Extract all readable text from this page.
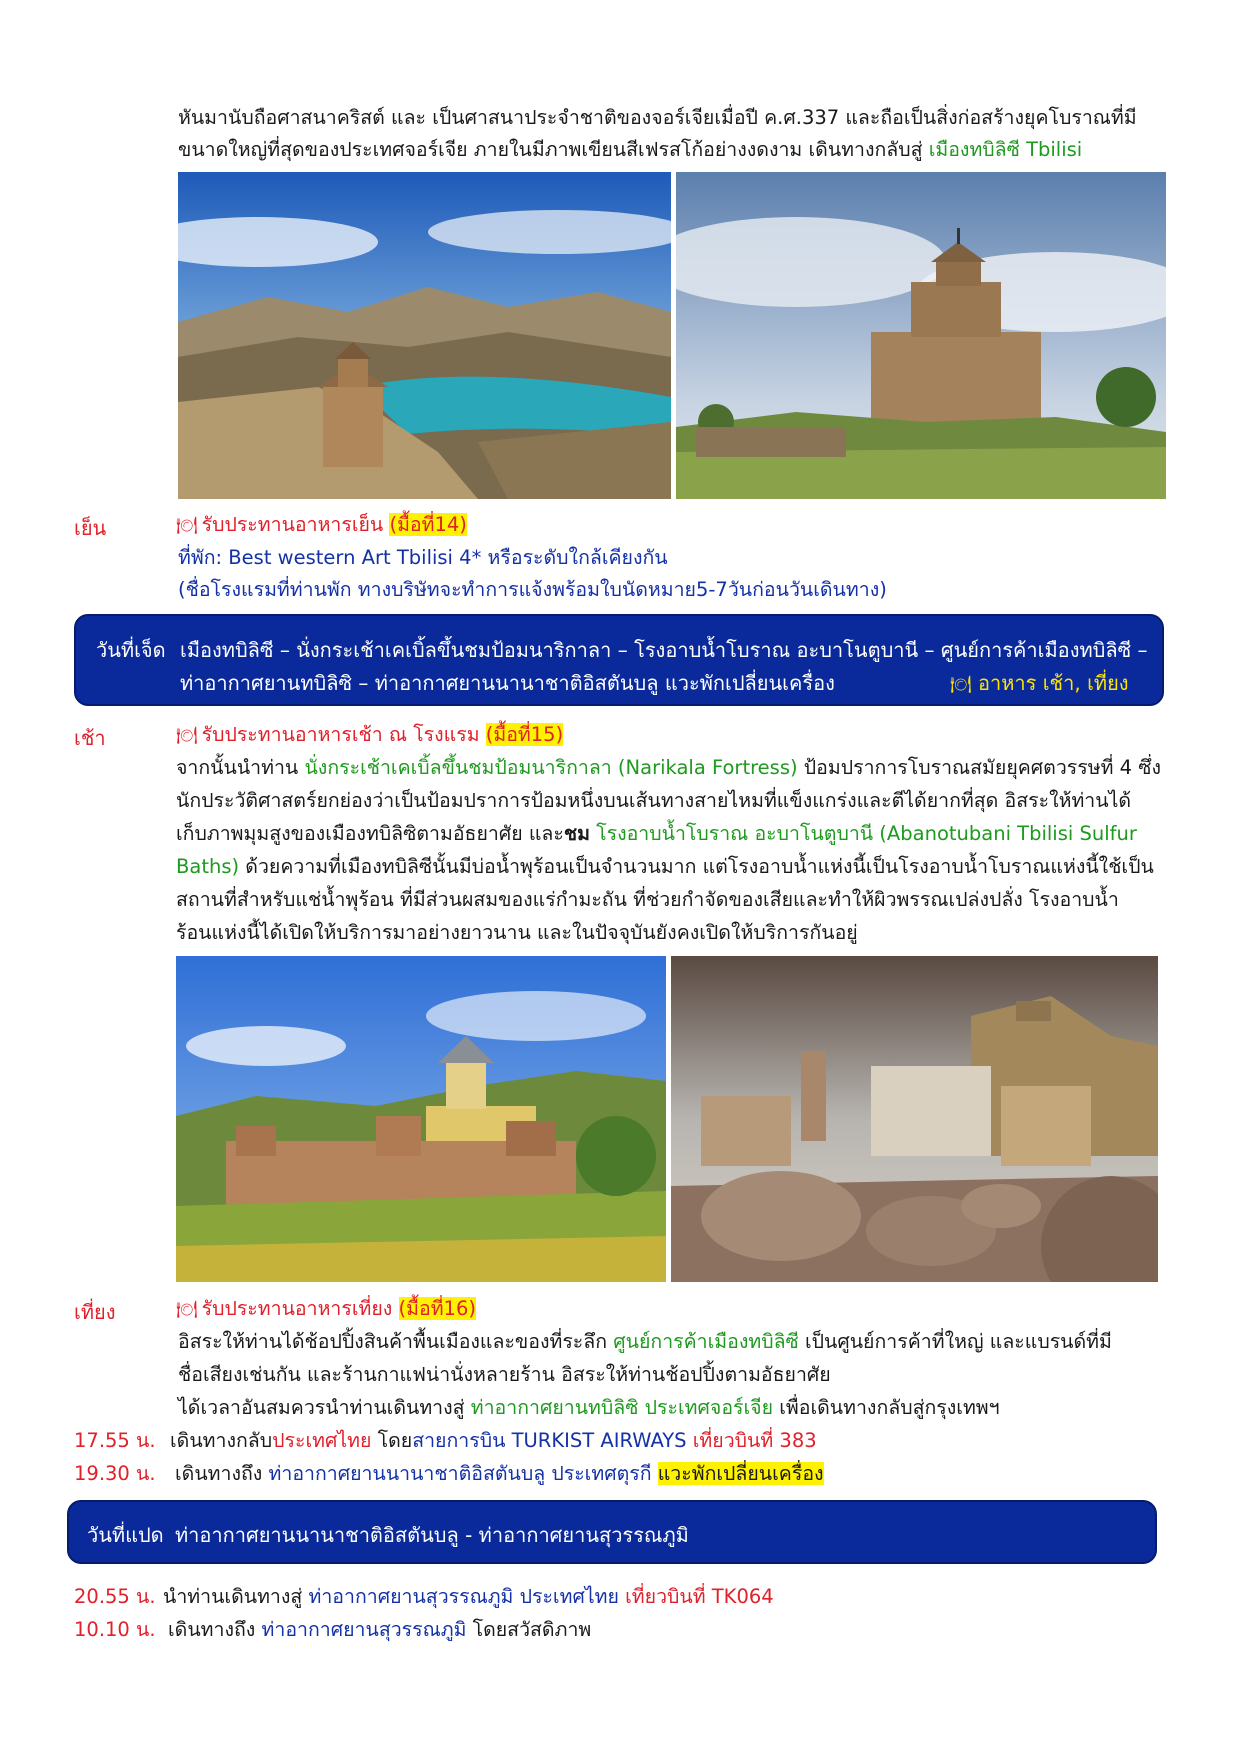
หันมานับถือศาสนาคริสต์ และ เป็นศาสนาประจำชาติของจอร์เจียเมื่อปี ค.ศ.337 และถือเป็นสิ่งก่อสร้างยุคโบราณที่มี
ขนาดใหญ่ที่สุดของประเทศจอร์เจีย ภายในมีภาพเขียนสีเฟรสโก้อย่างงดงาม เดินทางกลับสู่ เมืองทบิลิซี Tbilisi
เย็น	🍽 รับประทานอาหารเย็น (มื้อที่14)
ที่พัก: Best western Art Tbilisi 4* หรือระดับใกล้เคียงกัน
(ชื่อโรงแรมที่ท่านพัก ทางบริษัทจะทำการแจ้งพร้อมใบนัดหมาย5-7วันก่อนวันเดินทาง)
วันที่เจ็ด เมืองทบิลิซี – นั่งกระเช้าเคเบิ้ลขึ้นชมป้อมนาริกาลา – โรงอาบน้ำโบราณ อะบาโนตูบานี – ศูนย์การค้าเมืองทบิลิซี –
ท่าอากาศยานทบิลิซิ – ท่าอากาศยานนานาชาติอิสตันบลู แวะพักเปลี่ยนเครื่อง	🍽 อาหาร เช้า, เที่ยง
เช้า	🍽 รับประทานอาหารเช้า ณ โรงแรม (มื้อที่15)
จากนั้นนำท่าน นั่งกระเช้าเคเบิ้ลขึ้นชมป้อมนาริกาลา (Narikala Fortress) ป้อมปราการโบราณสมัยยุคศตวรรษที่ 4 ซึ่ง
นักประวัติศาสตร์ยกย่องว่าเป็นป้อมปราการป้อมหนึ่งบนเส้นทางสายไหมที่แข็งแกร่งและตีได้ยากที่สุด อิสระให้ท่านได้
เก็บภาพมุมสูงของเมืองทบิลิซิตามอัธยาศัย และชม โรงอาบน้ำโบราณ อะบาโนตูบานี (Abanotubani Tbilisi Sulfur
Baths) ด้วยความที่เมืองทบิลิซีนั้นมีบ่อน้ำพุร้อนเป็นจำนวนมาก แต่โรงอาบน้ำแห่งนี้เป็นโรงอาบน้ำโบราณแห่งนี้ใช้เป็น
สถานที่สำหรับแช่น้ำพุร้อน ที่มีส่วนผสมของแร่กำมะถัน ที่ช่วยกำจัดของเสียและทำให้ผิวพรรณเปล่งปลั่ง โรงอาบน้ำ
ร้อนแห่งนี้ได้เปิดให้บริการมาอย่างยาวนาน และในปัจจุบันยังคงเปิดให้บริการกันอยู่
เที่ยง	🍽 รับประทานอาหารเที่ยง (มื้อที่16)
อิสระให้ท่านได้ช้อปปิ้งสินค้าพื้นเมืองและของที่ระลึก ศูนย์การค้าเมืองทบิลิซี เป็นศูนย์การค้าที่ใหญ่ และแบรนด์ที่มี
ชื่อเสียงเช่นกัน และร้านกาแฟน่านั่งหลายร้าน อิสระให้ท่านช้อปปิ้งตามอัธยาศัย
ได้เวลาอันสมควรนำท่านเดินทางสู่ ท่าอากาศยานทบิลิซิ ประเทศจอร์เจีย เพื่อเดินทางกลับสู่กรุงเทพฯ
17.55 น. เดินทางกลับประเทศไทย โดยสายการบิน TURKIST AIRWAYS เที่ยวบินที่ 383
19.30 น. เดินทางถึง ท่าอากาศยานนานาชาติอิสตันบลู ประเทศตุรกี แวะพักเปลี่ยนเครื่อง
วันที่แปด ท่าอากาศยานนานาชาติอิสตันบลู - ท่าอากาศยานสุวรรณภูมิ
20.55 น. นำท่านเดินทางสู่ ท่าอากาศยานสุวรรณภูมิ ประเทศไทย เที่ยวบินที่ TK064
10.10 น. เดินทางถึง ท่าอากาศยานสุวรรณภูมิ โดยสวัสดิภาพ
